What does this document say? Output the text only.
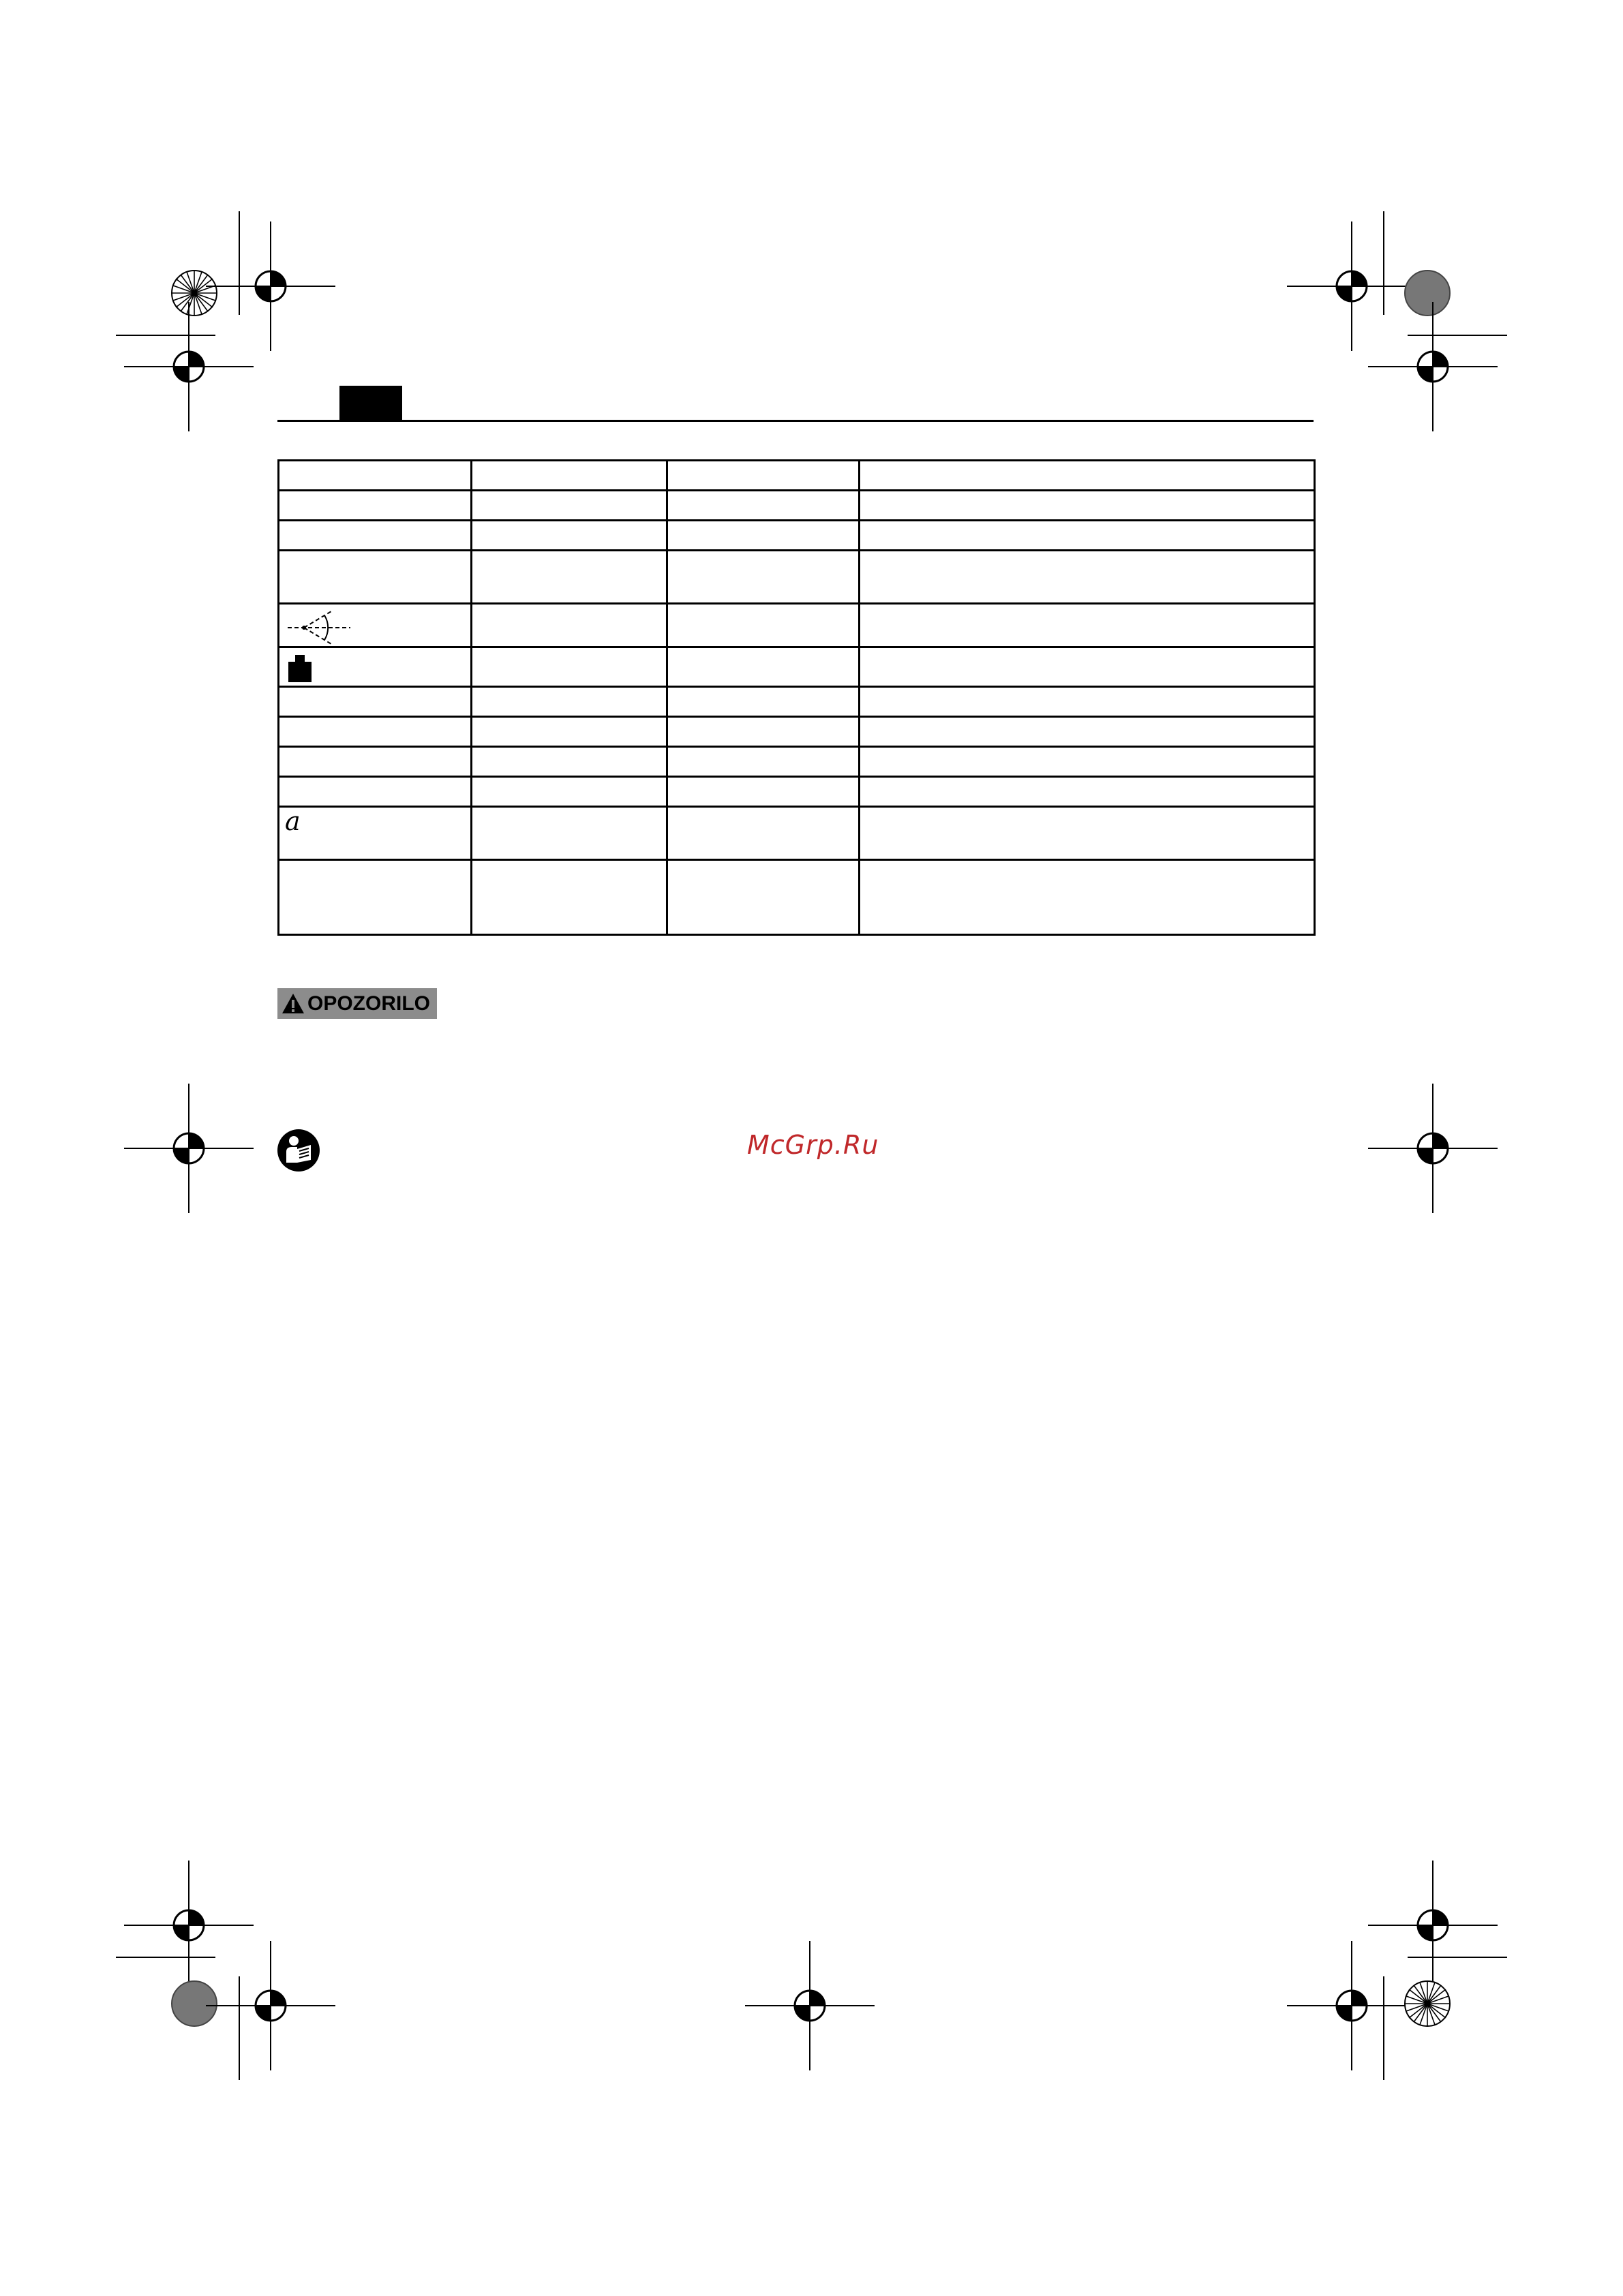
a			

OPOZORILO
McGrp.Ru
